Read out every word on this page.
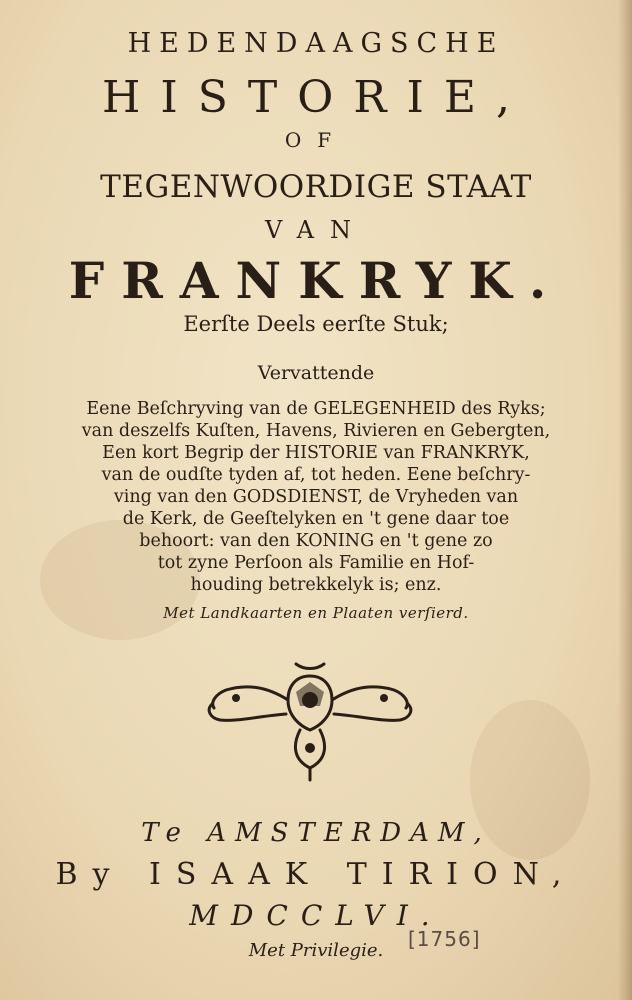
HEDENDAAGSCHE
HISTORIE,
OF
TEGENWOORDIGE STAAT
VAN
FRANKRYK.
Eerſte Deels eerſte Stuk;
Vervattende
Eene Beſchryving van de GELEGENHEID des Ryks;
van deszelfs Kuſten, Havens, Rivieren en Gebergten,
Een kort Begrip der HISTORIE van FRANKRYK,
van de oudſte tyden af, tot heden. Eene beſchry-
ving van den GODSDIENST, de Vryheden van
de Kerk, de Geeſtelyken en 't gene daar toe
behoort: van den KONING en 't gene zo
tot zyne Perſoon als Familie en Hof-
houding betrekkelyk is; enz.
Met Landkaarten en Plaaten verſierd.
Te AMSTERDAM,
By ISAAK TIRION,
MDCCLVI.
Met Privilegie.	[1756]
